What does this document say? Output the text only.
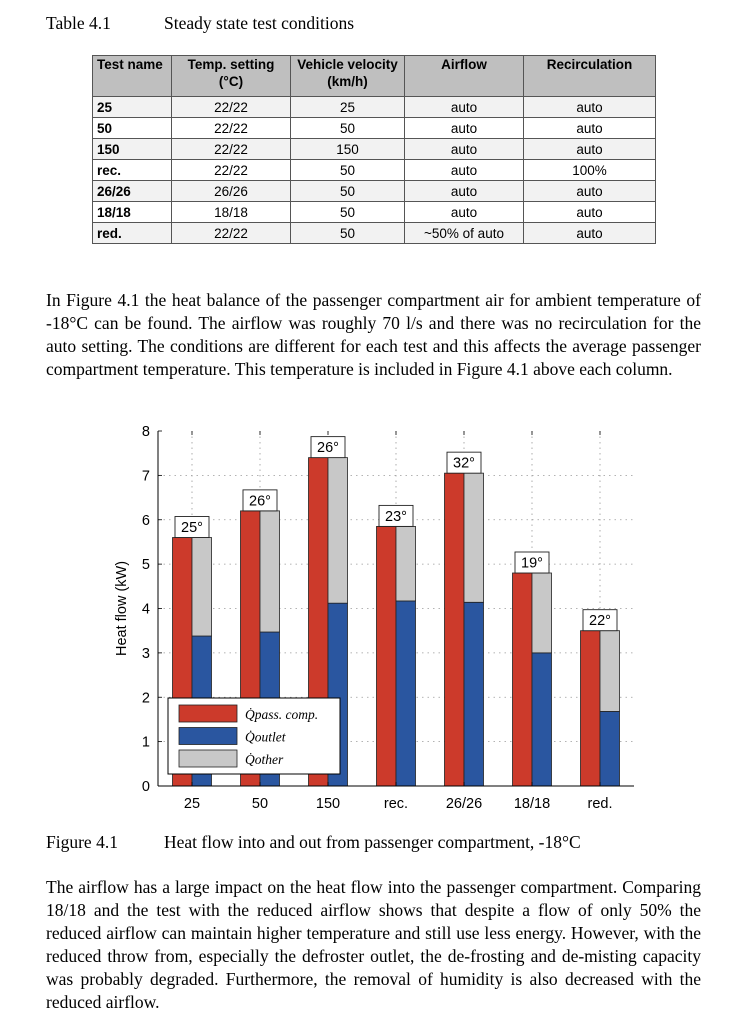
Table 4.1	Steady state test conditions
Test name	Temp. setting (°C)	Vehicle velocity (km/h)	Airflow	Recirculation
25	22/22	25	auto	auto
50	22/22	50	auto	auto
150	22/22	150	auto	auto
rec.	22/22	50	auto	100%
26/26	26/26	50	auto	auto
18/18	18/18	50	auto	auto
red.	22/22	50	~50% of auto	auto

In Figure 4.1 the heat balance of the passenger compartment air for ambient temperature of -18°C can be found. The airflow was roughly 70 l/s and there was no recirculation for the auto setting. The conditions are different for each test and this affects the average passenger compartment temperature. This temperature is included in Figure 4.1 above each column.

25°
25
26°
50
26°
150
23°
rec.
32°
26/26
19°
18/18
22°
red.
0
1
2
3
4
5
6
7
8
Heat flow (kW)
Q̇pass. comp.
Q̇outlet
Q̇other
Figure 4.1	Heat flow into and out from passenger compartment, -18°C

The airflow has a large impact on the heat flow into the passenger compartment. Comparing 18/18 and the test with the reduced airflow shows that despite a flow of only 50% the reduced airflow can maintain higher temperature and still use less energy. However, with the reduced throw from, especially the defroster outlet, the de-frosting and de-misting capacity was probably degraded. Furthermore, the removal of humidity is also decreased with the reduced airflow.
